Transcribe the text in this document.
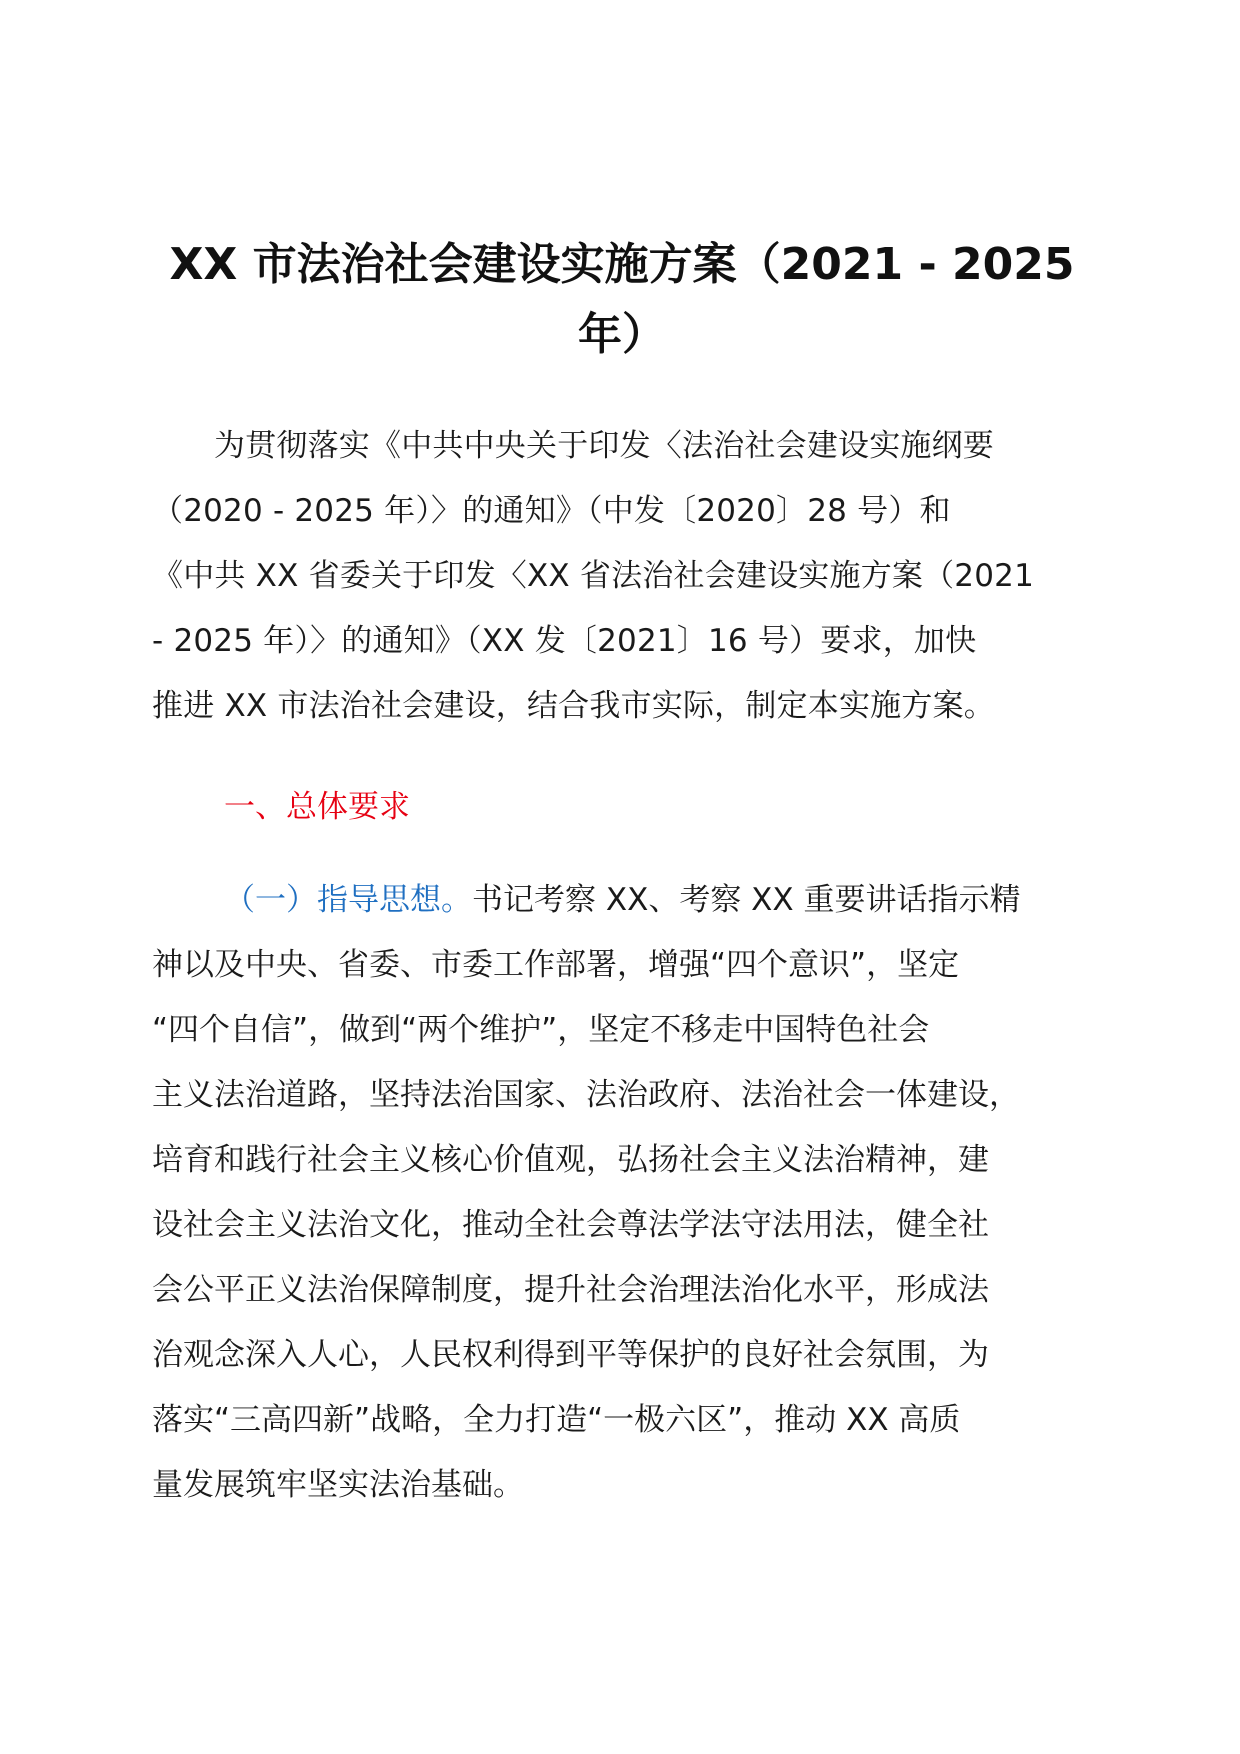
XX 市法治社会建设实施方案（2021 - 2025
年）
为贯彻落实《中共中央关于印发〈法治社会建设实施纲要
（2020 - 2025 年）〉的通知》（中发〔2020〕28 号）和
《中共 XX 省委关于印发〈XX 省法治社会建设实施方案（2021
- 2025 年）〉的通知》（XX 发〔2021〕16 号）要求，加快
推进 XX 市法治社会建设，结合我市实际，制定本实施方案。
一、总体要求
（一）指导思想。书记考察 XX、考察 XX 重要讲话指示精
神以及中央、省委、市委工作部署，增强“四个意识”，坚定
“四个自信”，做到“两个维护”，坚定不移走中国特色社会
主义法治道路，坚持法治国家、法治政府、法治社会一体建设，
培育和践行社会主义核心价值观，弘扬社会主义法治精神，建
设社会主义法治文化，推动全社会尊法学法守法用法，健全社
会公平正义法治保障制度，提升社会治理法治化水平，形成法
治观念深入人心，人民权利得到平等保护的良好社会氛围，为
落实“三高四新”战略，全力打造“一极六区”，推动 XX 高质
量发展筑牢坚实法治基础。
